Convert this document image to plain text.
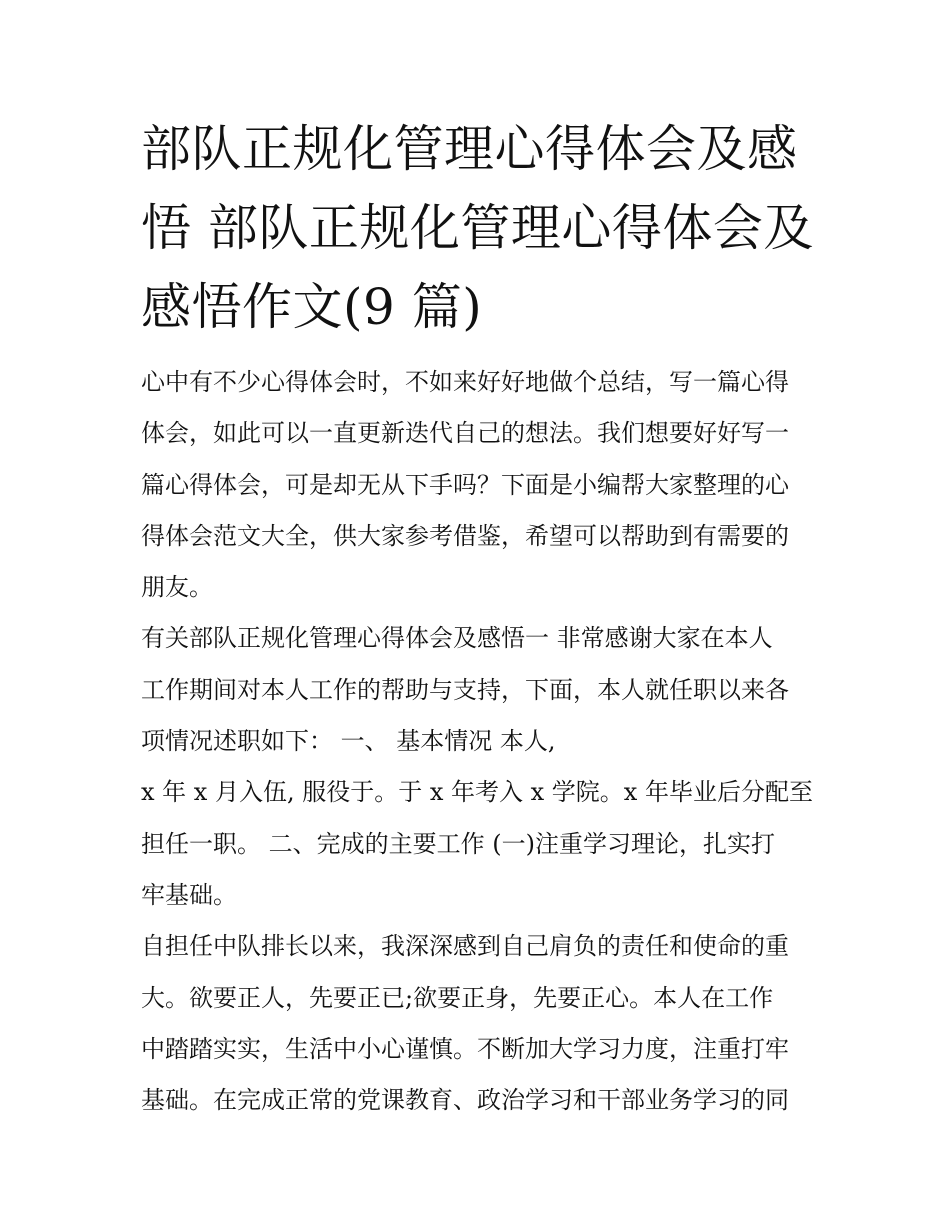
部队正规化管理心得体会及感
悟 部队正规化管理心得体会及
感悟作文(9 篇)

心中有不少心得体会时，不如来好好地做个总结，写一篇心得
体会，如此可以一直更新迭代自己的想法。我们想要好好写一
篇心得体会，可是却无从下手吗？下面是小编帮大家整理的心
得体会范文大全，供大家参考借鉴，希望可以帮助到有需要的
朋友。

有关部队正规化管理心得体会及感悟一 非常感谢大家在本人
工作期间对本人工作的帮助与支持，下面，本人就任职以来各
项情况述职如下： 一、 基本情况 本人,

x 年 x 月入伍, 服役于。于 x 年考入 x 学院。x 年毕业后分配至
担任一职。 二、完成的主要工作 (一)注重学习理论，扎实打
牢基础。

自担任中队排长以来，我深深感到自己肩负的责任和使命的重
大。欲要正人，先要正已;欲要正身，先要正心。本人在工作
中踏踏实实，生活中小心谨慎。不断加大学习力度，注重打牢
基础。在完成正常的党课教育、政治学习和干部业务学习的同
